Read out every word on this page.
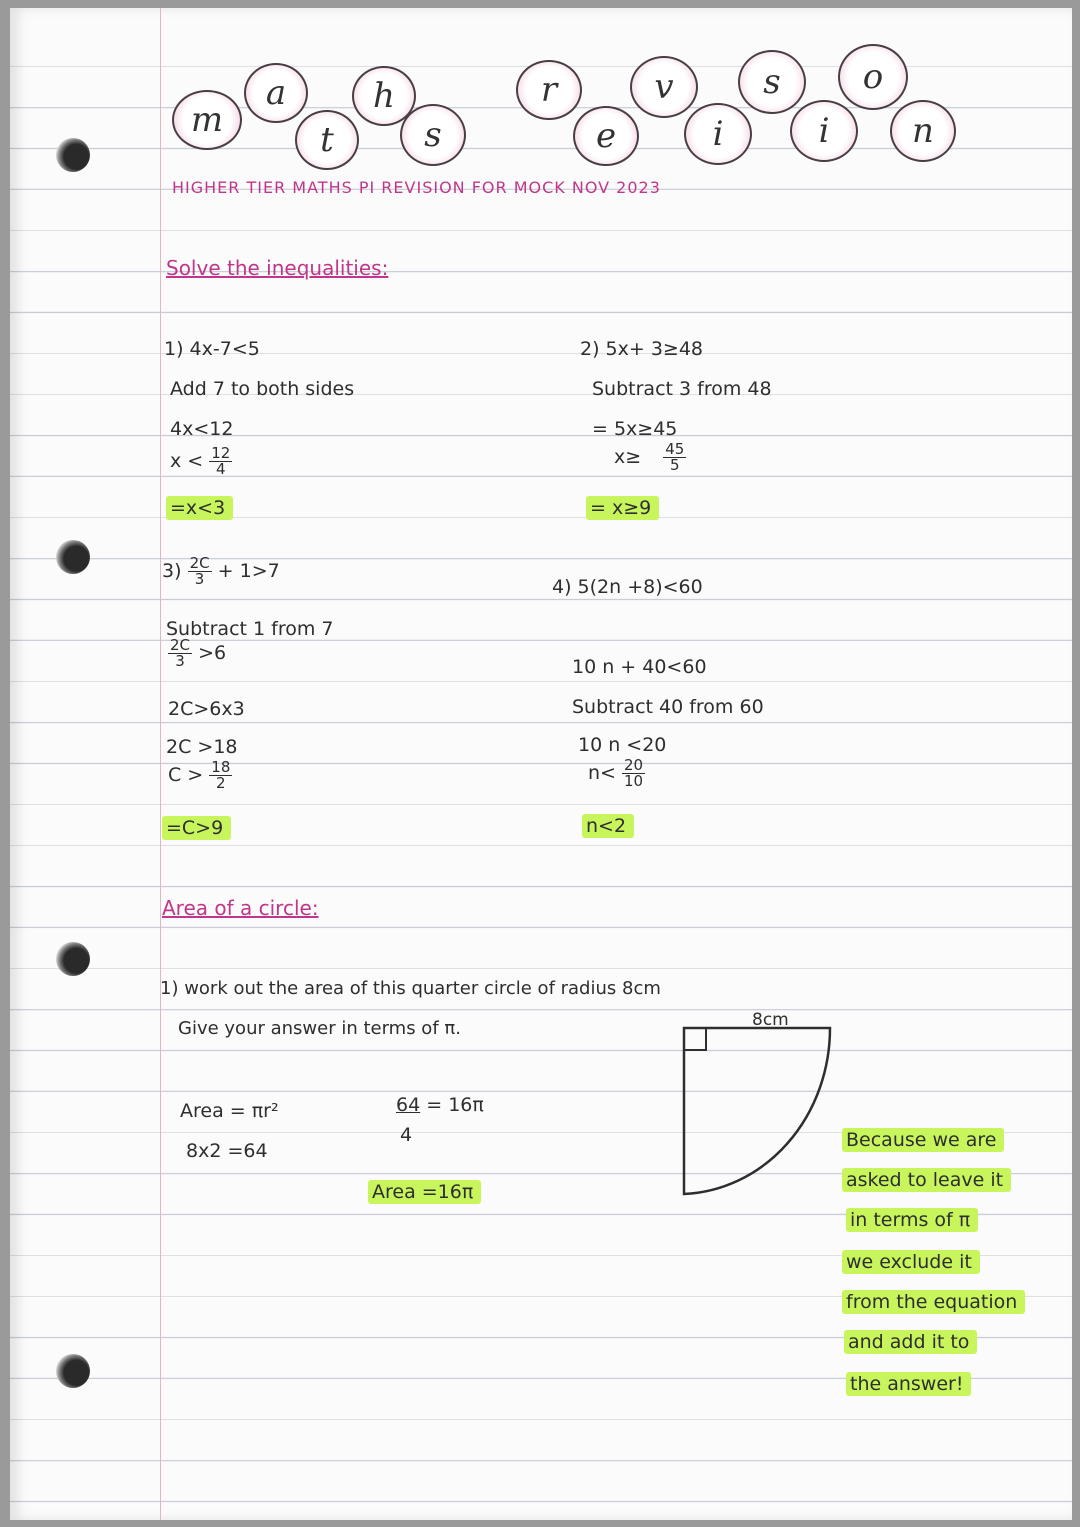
m
a
t
h
s
r
e
v
i
s
i
o
n
HIGHER TIER MATHS PI REVISION FOR MOCK NOV 2023
Solve the inequalities:
1) 4x-7<5
Add 7 to both sides
4x<12
$x < \frac{12}{4}$
=x<3
2) 5x+ 3≥48
Subtract 3 from 48
= 5x≥45
$x\ge \frac{45}{5}$
= x≥9
$3) \frac{2C}{3} + 1>7$
Subtract 1 from 7
$\frac{2C}{3} >6$
2C>6x3
2C >18
$C > \frac{18}{2}$
=C>9
4) 5(2n +8)<60
10 n + 40<60
Subtract 40 from 60
10 n <20
$n< \frac{20}{10}$
n<2
Area of a circle:
1) work out the area of this quarter circle of radius 8cm
Give your answer in terms of π.	8cm
Area = πr²
8x2 =64
64 = 16π
4
Area =16π
Because we are
asked to leave it
in terms of π
we exclude it
from the equation
and add it to
the answer!
